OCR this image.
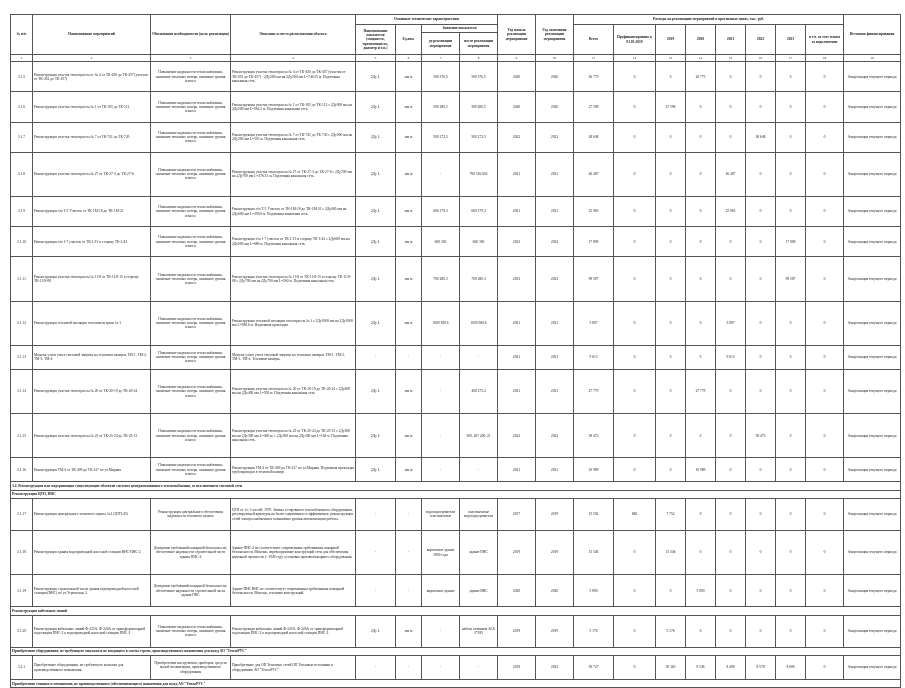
№ п/п	Наименование мероприятий	Обоснование необходимости (цель реализации)	Описание и место расположения объекта	Основные технические характеристики				Год начала реализации мероприятия	Год окончания реализации мероприятия	Расходы на реализацию мероприятий в прогнозных ценах, тыс. руб.								Источник финансирования
				Наименование показателя (мощность, протяженность, диаметр и т.п.)	Ед.изм.	Значение показателя				Всего	Профинансировано к 01.01.2019	2019	2020	2021	2022	2023	в т.ч. за счет платы за подключение	
						до реализации мероприятия	после реализации мероприятия											
1	2	3	4	5	6	7	8	9	10	11	12	13	14	15	16	17	18	19
3.1.5	Реконструкция участка теплотрассы от № 4 от ТК-450 до ТК-457 (участок от ТК-452 до ТК-457)	Повышение надежности теплоснабжения, снижение тепловых потерь, снижение уровня износа	Реконструкция участка теплотрассы № 4 от ТК-450 до ТК-457 (участок от ТК-452 до ТК-457) - 2Ду500 мм на 2Ду500 мм L=746,55 м. Подземная канальная сеть.	2Ду L	мм м	500 376,5	500 376,5	2020	2020	26 775	0	0	26 775	0	0	0	0	Амортизация текущего периода
3.1.6	Реконструкция участка теплотрассы № 1 от ТК-105 до ТК-112	Повышение надежности теплоснабжения, снижение тепловых потерь, снижение уровня износа	Реконструкция участка теплотрассы № 1 от ТК-105 до ТК-112 с 2Ду500 мм на 2Ду500 мм L=562,5 м. Подземная канальная сеть.	2Ду L	мм м	500 280,5	500 280,5	2020	2020	27 598	0	27 598	0	0	0	0	0	Амортизация текущего периода
3.1.7	Реконструкция участка теплотрассы № 7 от ТК-741 до ТК-745	Повышение надежности теплоснабжения, снижение тепловых потерь, снижение уровня износа	Реконструкция участка теплотрассы № 7 от ТК-741 до ТК-745 с 2Ду500 мм на 2Ду500 мм L=545 м. Подземная канальная сеть.	2Ду L	мм м	500 272,5	500 272,5	2022	2022	28 648	0	0	0	0	28 648	0	0	Амортизация текущего периода
3.1.8	Реконструкция участка теплотрассы № 27 от ТК-27-3 до ТК-27-6	Повышение надежности теплоснабжения, снижение тепловых потерь, снижение уровня износа	Реконструкция участка теплотрассы № 27 от ТК-27-3 до ТК-27-6 с 2Ду700 мм на 2Ду700 мм L=276,15 м. Подземная канальная сеть.	2Ду L	мм м	-	700 316,692	2021	2021	46 487	0	0	0	46 487	0	0	0	Амортизация текущего периода
3.1.9	Реконструкция т/м Т/1 Участок от ТК-1М-18 до ТК-1М-21	Повышение надежности теплоснабжения, снижение тепловых потерь, снижение уровня износа	Реконструкция т/м Т/1 Участок от ТК-1М-18 до ТК-1М-21 с 2Ду600 мм на 2Ду600 мм L=359,6 м. Подземная канальная сеть.	2Ду L	мм м	600 179,3	600 179,3	2021	2021	25 963	0	0	0	25 963	0	0	0	Амортизация текущего периода
3.1.10	Реконструкция т/м 1-7 участок от ТК-1/13 в сторону ТК-1/42	Повышение надежности теплоснабжения, снижение тепловых потерь, снижение уровня износа	Реконструкция т/м 1-7 участок от ТК-1/13 в сторону ТК-1/42 с 2Ду600 мм на 2Ду600 мм L=686 м. Подземная канальная сеть.	2Ду L	мм м	600 356	600 356	2023	2023	17 809	0	0	0	0	0	17 809	0	Амортизация текущего периода
3.1.11	Реконструкция участка теплотрассы № 11/8 от ТК-11/8-15 в сторону ТК-11/8-08	Повышение надежности теплоснабжения, снижение тепловых потерь, снижение уровня износа	Реконструкция участка теплотрассы № 11/8 от ТК-11/8-15 в сторону ТК-11/8-08 с 2Ду700 мм на 2Ду700 мм L=560 м. Подземная канальная сеть.	2Ду L	мм м	700 280,3	700 280,3	2023	2023	99 587	0	0	0	0	0	99 587	0	Амортизация текущего периода
3.1.12	Реконструкция тепловой изоляции тепломагистрали № 1	Повышение надежности теплоснабжения, снижение тепловых потерь, снижение уровня износа	Реконструкция тепловой изоляции теплотрассы № 1 с 2Ду1000 мм на 2Ду1000 мм L=380,6 м. Надземная прокладка.	2Ду L	мм м	1000 380,6	1000 380,6	2021	2021	5 807	0	0	0	5 807	0	0	0	Амортизация текущего периода
3.1.13	Монтаж узлов учета тепловой энергии на тепловых камерах ТМ-1, ТМ-2, ТМ-3, ТМ-4	Повышение надежности теплоснабжения, снижение тепловых потерь, снижение уровня износа	Монтаж узлов учета тепловой энергии на тепловых камерах ТМ-1, ТМ-2, ТМ-3, ТМ-4. Тепловые камеры.	-	-	-	-	2021	2021	9 613	0	0	0	9 613	0	0	0	Амортизация текущего периода
3.1.14	Реконструкция участка теплотрассы № 20 от ТК-20-19 до ТК-20-24	Повышение надежности теплоснабжения, снижение тепловых потерь, снижение уровня износа	Реконструкция участка теплотрассы № 20 от ТК-20-19 до ТК-20-24 с 2Ду400 мм на 2Ду400 мм L=550 м. Подземная канальная сеть.	2Ду L	мм м	-	400 275,4	2021	2021	27 779	0	0	27 779	0	0	0	0	Амортизация текущего периода
3.1.15	Реконструкция участка теплотрассы № 25 от ТК-25-24 до ТК-25-31	Повышение надежности теплоснабжения, снижение тепловых потерь, снижение уровня износа	Реконструкция участка теплотрассы № 25 от ТК-25-24 до ТК-25-31 с 2Ду300 мм на 2Ду300 мм L=400 м, с 2Ду300 мм на 2Ду300 мм L=164 м. Подземная канальная сеть.	2Ду L	мм м	-	300, 267 200, 21	2022	2022	39 473	0	0	0	0	39 473	0	0	Амортизация текущего периода
3.1.16	Реконструкция ТМ-4 от ТК-409 до ТК-417 по ул.Мирная	Повышение надежности теплоснабжения, снижение тепловых потерь, снижение уровня износа	Реконструкция ТМ-4 от ТК-409 до ТК-417 по ул.Мирная. Подземная прокладка трубопроводов в тепловой камере.	2Ду L	мм м	-	-	2021	2021	10 989	0	0	10 989	0	0	0	0	Амортизация текущего периода
3.2. Реконструкция или модернизация существующих объектов системы централизованного теплоснабжения, за исключением тепловой сети																		
Реконструкция ЦТП, ПНС																		
3.1.17	Реконструкция центрального теплового пункта №1 (ЦТП-45)	Реконструкция центрального обеспечения надежности теплового пункта	ЦТП от т/с 3 частей, 1970. Замена устаревшего теплообменного оборудования, регулирующей арматуры на более современное и эффективное; реконструкция сетей электроснабжения и повышение уровня автоматизации работы.	-	-	водоподогреватели пластинчатые	пластинчатые водоподогреватели	2017	2019	15 592	840	7 752	0	0	0	0	0	Амортизация текущего периода
3.1.18	Реконструкция здания водопроводной насосной станции ВНС-ПНС-2	Доведение требований пожарной безопасности; обеспечение надежности строительной части здания ПНС-2	Здание ПНС-2 не соответствует современным требованиям пожарной безопасности. Монтаж, перевооружение конструкций стен для обеспечения надежной прочности (- 1949 год); установка противопожарного оборудования.	-	-	кирпичное здание 1949 года	здание ПНС	2019	2019	15 346	0	15 346	0	0	0	0	0	Амортизация текущего периода
3.1.19	Реконструкция строительной части здания водопроводной насосной станции (ВНС) по ул.Угрешская, 2	Доведение требований пожарной безопасности; обеспечение надежности строительной части здания ПНС	Здание ПНС ВНС не соответствует современным требованиям пожарной безопасности. Монтаж, усиление конструкций.	-	-	кирпичное здание	здание ВНС	2020	2020	5 890	0	0	5 890	0	0	0	0	Амортизация текущего периода
Реконструкция кабельных линий																		
3.1.20	Реконструкция кабельных линий Ф-225А, Ф-226А от трансформаторной подстанции ПНС-2 к водопроводной насосной станции ПНС-2	Повышение надежности теплоснабжения, снижение тепловых потерь, снижение уровня износа	Реконструкция кабельных линий Ф-225А, Ф-226А от трансформаторной подстанции ПНС-2 к водопроводной насосной станции ПНС-2.	2Ду L	мм м	-	кабель сечением АСБ 3*185	2019	2019	5 176	0	5 176	0	0	0	0	0	Амортизация текущего периода
Приобретение оборудования, не требующего монтажа и не входящего в сметы строек, производственного назначения для нужд АО "ТеплоРУС"																		
3.2.1	Приобретение оборудования, не требующего монтажа для производственного назначения	Приобретение инструмента, приборов, средств малой механизации, производственного оборудования	Приобретение для ОП Тепловых сетей ОП Тепловые источники и оборудование АО "ТеплоРУС"	-	-	-	-	2019	2023	50 727	0	50 363	8 546	8 498	8 578	8 606	0	Амортизация текущего периода
Приобретение техники и механизмов, не производственного (обеспечивающего) назначения для нужд АО "ТеплоРУС"																		
